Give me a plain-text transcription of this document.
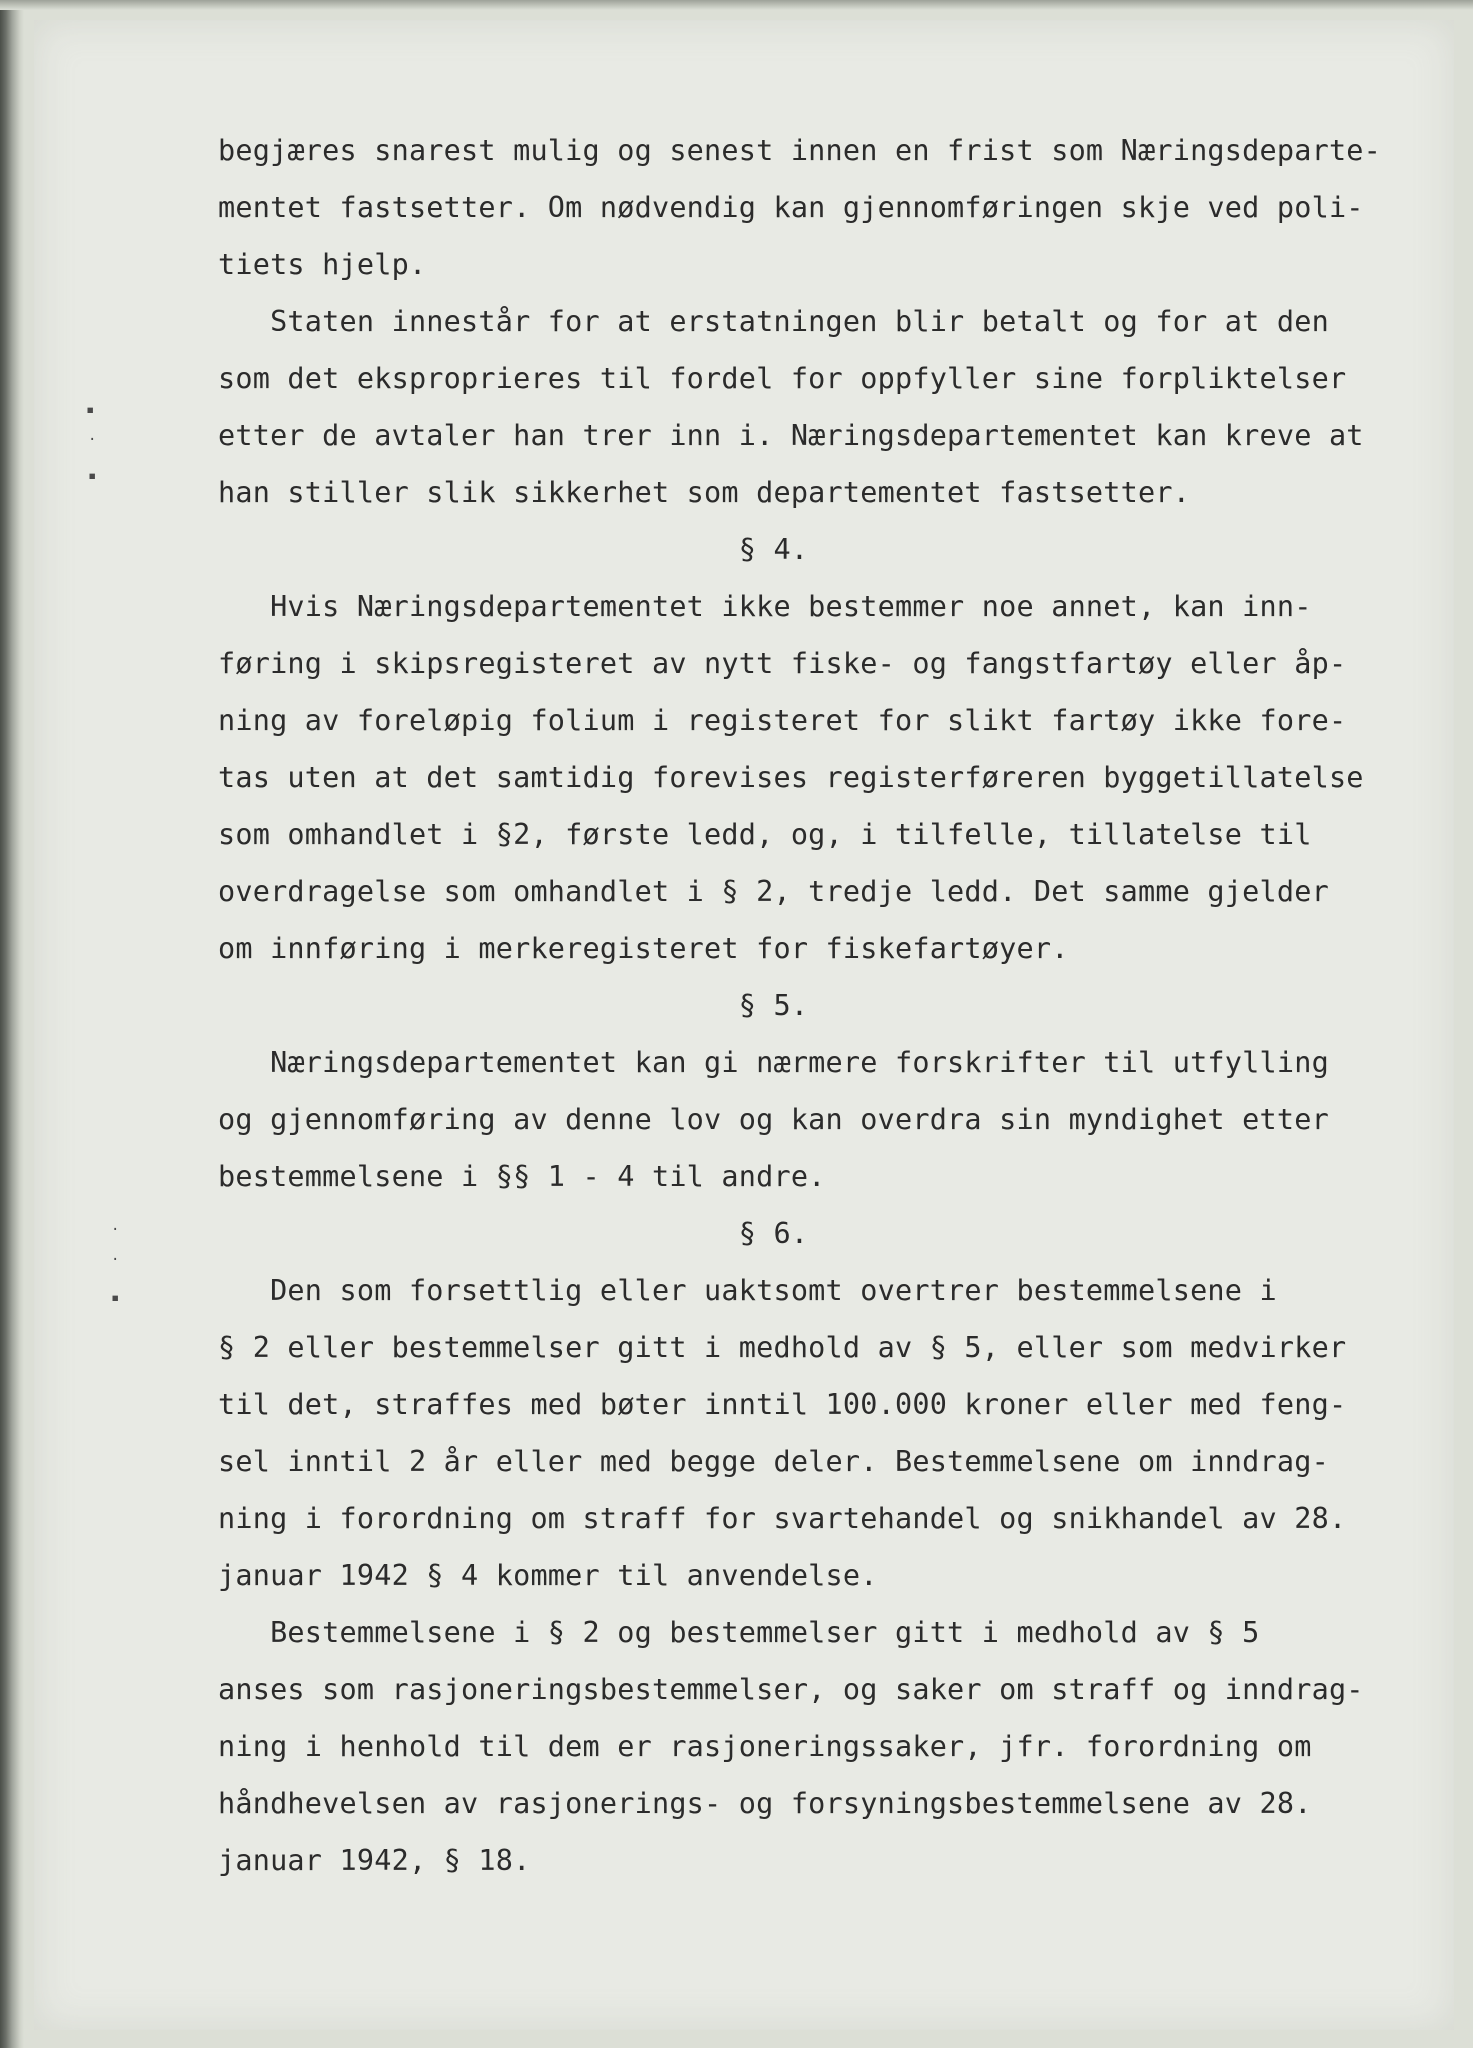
▪
·
▪
·
·
▪
begjæres snarest mulig og senest innen en frist som Næringsdeparte-
mentet fastsetter. Om nødvendig kan gjennomføringen skje ved poli-
tiets hjelp.
Staten innestår for at erstatningen blir betalt og for at den
som det eksproprieres til fordel for oppfyller sine forpliktelser
etter de avtaler han trer inn i. Næringsdepartementet kan kreve at
han stiller slik sikkerhet som departementet fastsetter.
§ 4.
Hvis Næringsdepartementet ikke bestemmer noe annet, kan inn-
føring i skipsregisteret av nytt fiske- og fangstfartøy eller åp-
ning av foreløpig folium i registeret for slikt fartøy ikke fore-
tas uten at det samtidig forevises registerføreren byggetillatelse
som omhandlet i §2, første ledd, og, i tilfelle, tillatelse til
overdragelse som omhandlet i § 2, tredje ledd. Det samme gjelder
om innføring i merkeregisteret for fiskefartøyer.
§ 5.
Næringsdepartementet kan gi nærmere forskrifter til utfylling
og gjennomføring av denne lov og kan overdra sin myndighet etter
bestemmelsene i §§ 1 - 4 til andre.
§ 6.
Den som forsettlig eller uaktsomt overtrer bestemmelsene i
§ 2 eller bestemmelser gitt i medhold av § 5, eller som medvirker
til det, straffes med bøter inntil 100.000 kroner eller med feng-
sel inntil 2 år eller med begge deler. Bestemmelsene om inndrag-
ning i forordning om straff for svartehandel og snikhandel av 28.
januar 1942 § 4 kommer til anvendelse.
Bestemmelsene i § 2 og bestemmelser gitt i medhold av § 5
anses som rasjoneringsbestemmelser, og saker om straff og inndrag-
ning i henhold til dem er rasjoneringssaker, jfr. forordning om
håndhevelsen av rasjonerings- og forsyningsbestemmelsene av 28.
januar 1942, § 18.
